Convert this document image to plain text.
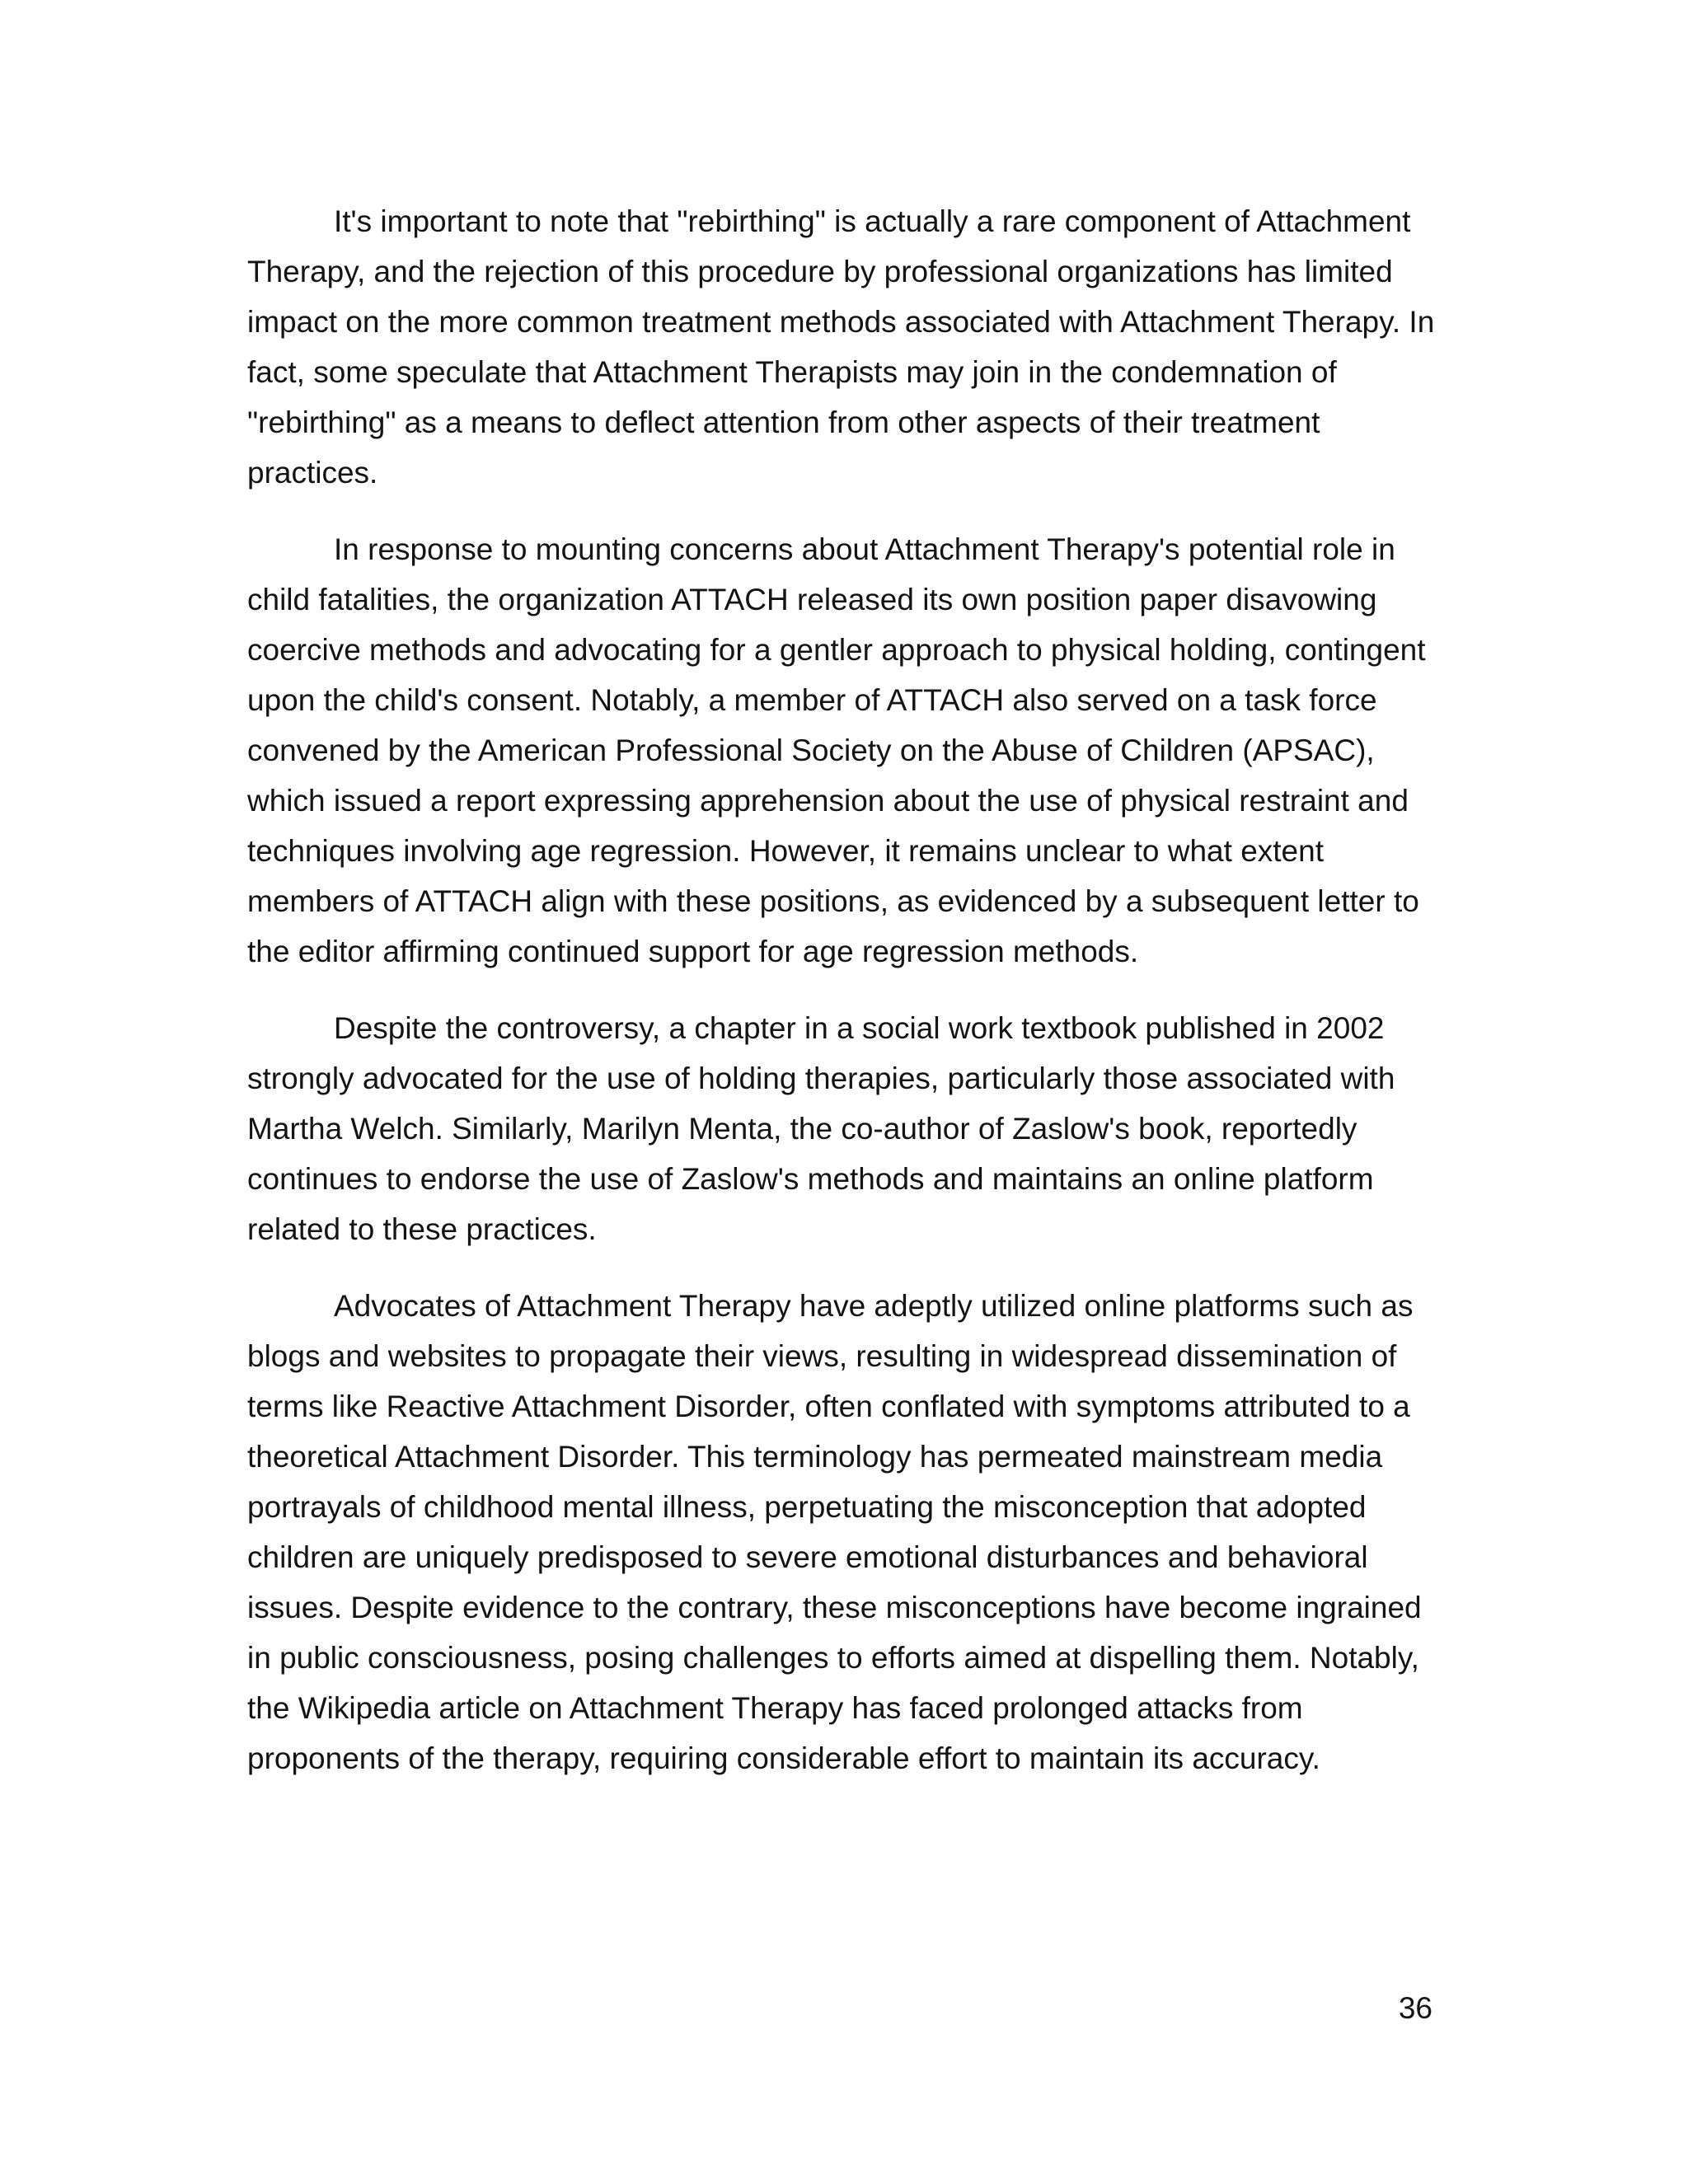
It's important to note that "rebirthing" is actually a rare component of Attachment Therapy, and the rejection of this procedure by professional organizations has limited impact on the more common treatment methods associated with Attachment Therapy. In fact, some speculate that Attachment Therapists may join in the condemnation of "rebirthing" as a means to deflect attention from other aspects of their treatment practices.

In response to mounting concerns about Attachment Therapy's potential role in child fatalities, the organization ATTACH released its own position paper disavowing coercive methods and advocating for a gentler approach to physical holding, contingent upon the child's consent. Notably, a member of ATTACH also served on a task force convened by the American Professional Society on the Abuse of Children (APSAC), which issued a report expressing apprehension about the use of physical restraint and techniques involving age regression. However, it remains unclear to what extent members of ATTACH align with these positions, as evidenced by a subsequent letter to the editor affirming continued support for age regression methods.

Despite the controversy, a chapter in a social work textbook published in 2002 strongly advocated for the use of holding therapies, particularly those associated with Martha Welch. Similarly, Marilyn Menta, the co-author of Zaslow's book, reportedly continues to endorse the use of Zaslow's methods and maintains an online platform related to these practices.

Advocates of Attachment Therapy have adeptly utilized online platforms such as blogs and websites to propagate their views, resulting in widespread dissemination of terms like Reactive Attachment Disorder, often conflated with symptoms attributed to a theoretical Attachment Disorder. This terminology has permeated mainstream media portrayals of childhood mental illness, perpetuating the misconception that adopted children are uniquely predisposed to severe emotional disturbances and behavioral issues. Despite evidence to the contrary, these misconceptions have become ingrained in public consciousness, posing challenges to efforts aimed at dispelling them. Notably, the Wikipedia article on Attachment Therapy has faced prolonged attacks from proponents of the therapy, requiring considerable effort to maintain its accuracy.

36
